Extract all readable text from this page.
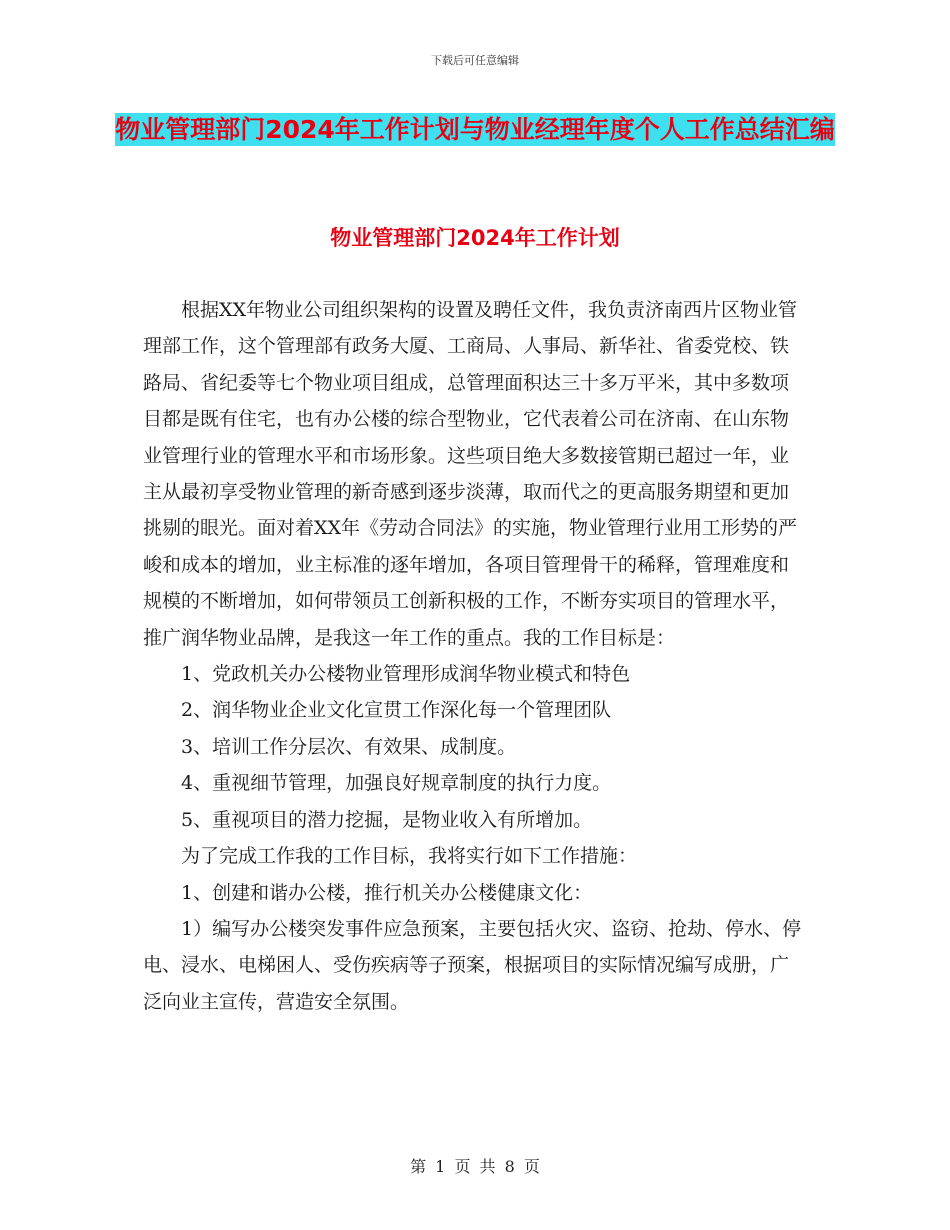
下载后可任意编辑
物业管理部门2024年工作计划与物业经理年度个人工作总结汇编
物业管理部门2024年工作计划

根据XX年物业公司组织架构的设置及聘任文件，我负责济南西片区物业管理部工作，这个管理部有政务大厦、工商局、人事局、新华社、省委党校、铁路局、省纪委等七个物业项目组成，总管理面积达三十多万平米，其中多数项目都是既有住宅，也有办公楼的综合型物业，它代表着公司在济南、在山东物业管理行业的管理水平和市场形象。这些项目绝大多数接管期已超过一年，业主从最初享受物业管理的新奇感到逐步淡薄，取而代之的更高服务期望和更加挑剔的眼光。面对着XX年《劳动合同法》的实施，物业管理行业用工形势的严峻和成本的增加，业主标准的逐年增加，各项目管理骨干的稀释，管理难度和规模的不断增加，如何带领员工创新积极的工作，不断夯实项目的管理水平，推广润华物业品牌，是我这一年工作的重点。我的工作目标是：

1、党政机关办公楼物业管理形成润华物业模式和特色

2、润华物业企业文化宣贯工作深化每一个管理团队

3、培训工作分层次、有效果、成制度。

4、重视细节管理，加强良好规章制度的执行力度。

5、重视项目的潜力挖掘，是物业收入有所增加。

为了完成工作我的工作目标，我将实行如下工作措施：

1、创建和谐办公楼，推行机关办公楼健康文化：

1）编写办公楼突发事件应急预案，主要包括火灾、盗窃、抢劫、停水、停电、浸水、电梯困人、受伤疾病等子预案，根据项目的实际情况编写成册，广泛向业主宣传，营造安全氛围。

第 1 页 共 8 页
